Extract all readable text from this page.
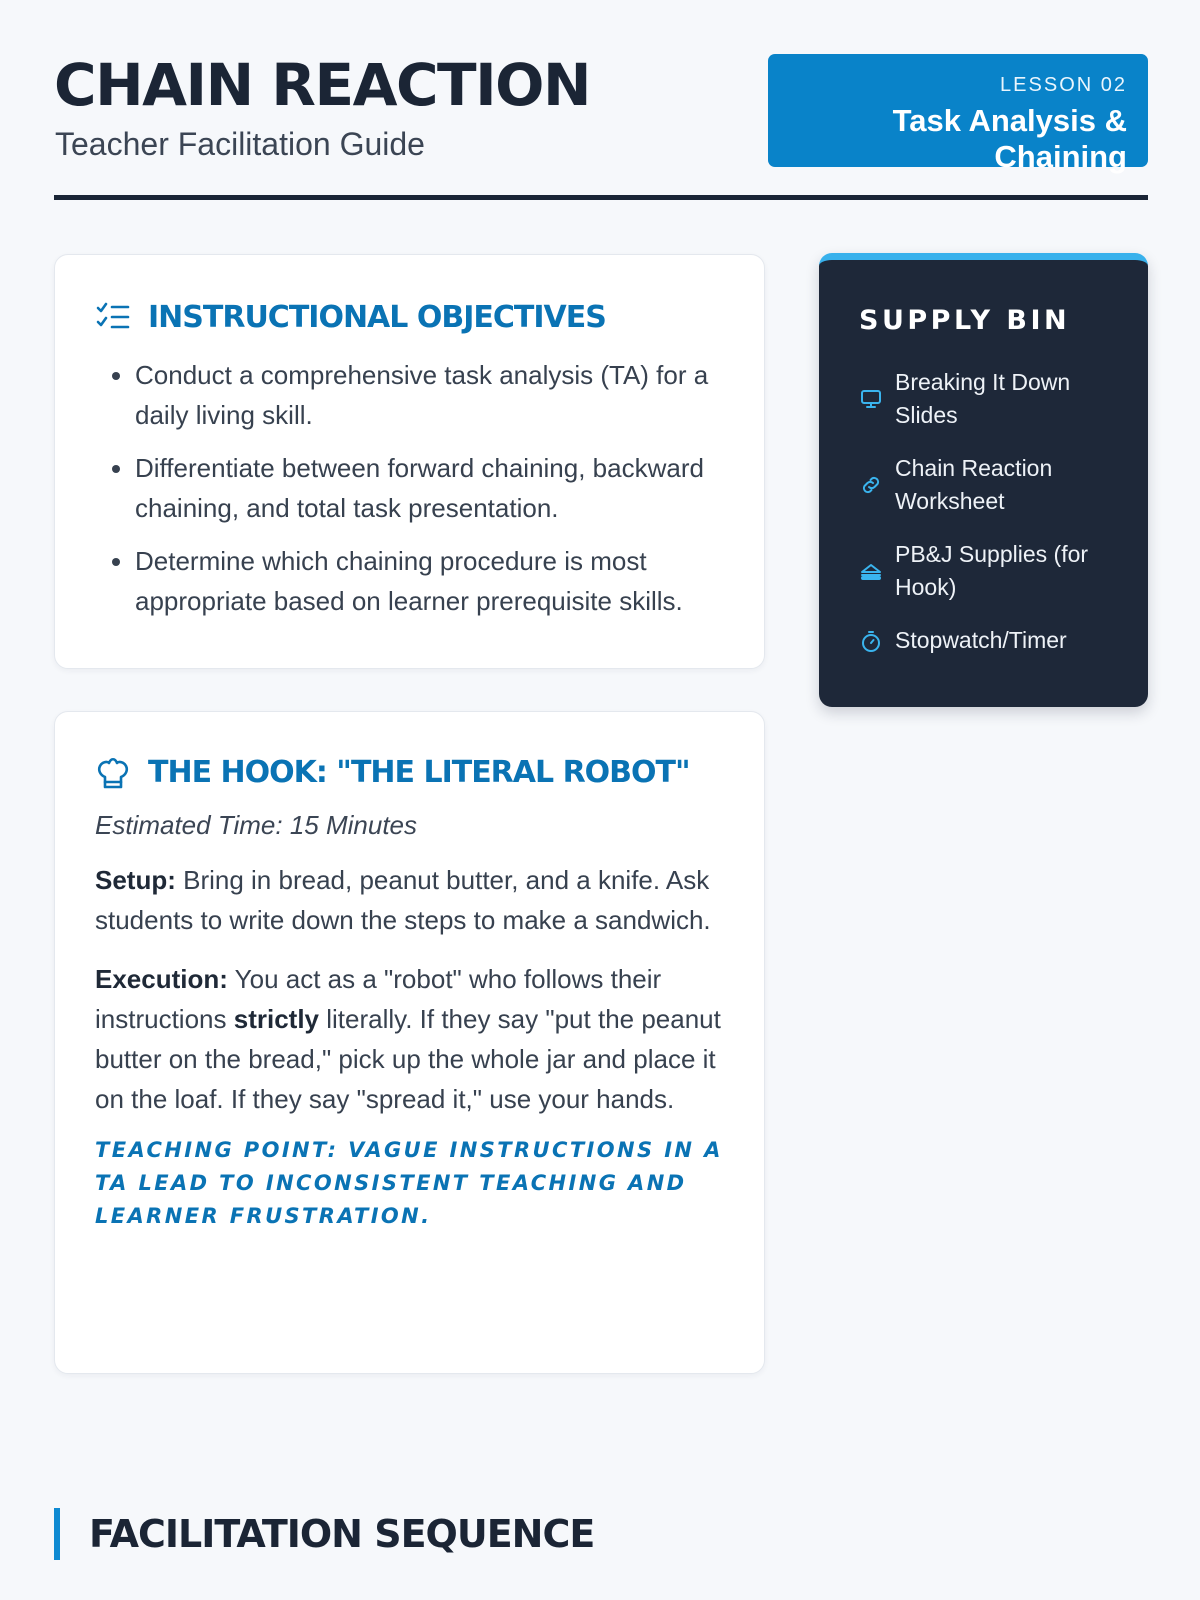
CHAIN REACTION
Teacher Facilitation Guide
LESSON 02
Task Analysis & Chaining
INSTRUCTIONAL OBJECTIVES
• Conduct a comprehensive task analysis (TA) for a daily living skill.
• Differentiate between forward chaining, backward chaining, and total task presentation.
• Determine which chaining procedure is most appropriate based on learner prerequisite skills.
THE HOOK: "THE LITERAL ROBOT"
Estimated Time: 15 Minutes

Setup: Bring in bread, peanut butter, and a knife. Ask students to write down the steps to make a sandwich.

Execution: You act as a "robot" who follows their instructions strictly literally. If they say "put the peanut butter on the bread," pick up the whole jar and place it on the loaf. If they say "spread it," use your hands.

TEACHING POINT: VAGUE INSTRUCTIONS IN A TA LEAD TO INCONSISTENT TEACHING AND LEARNER FRUSTRATION.
SUPPLY BIN
Breaking It Down Slides
Chain Reaction Worksheet
PB&J Supplies (for Hook)
Stopwatch/Timer
FACILITATION SEQUENCE
